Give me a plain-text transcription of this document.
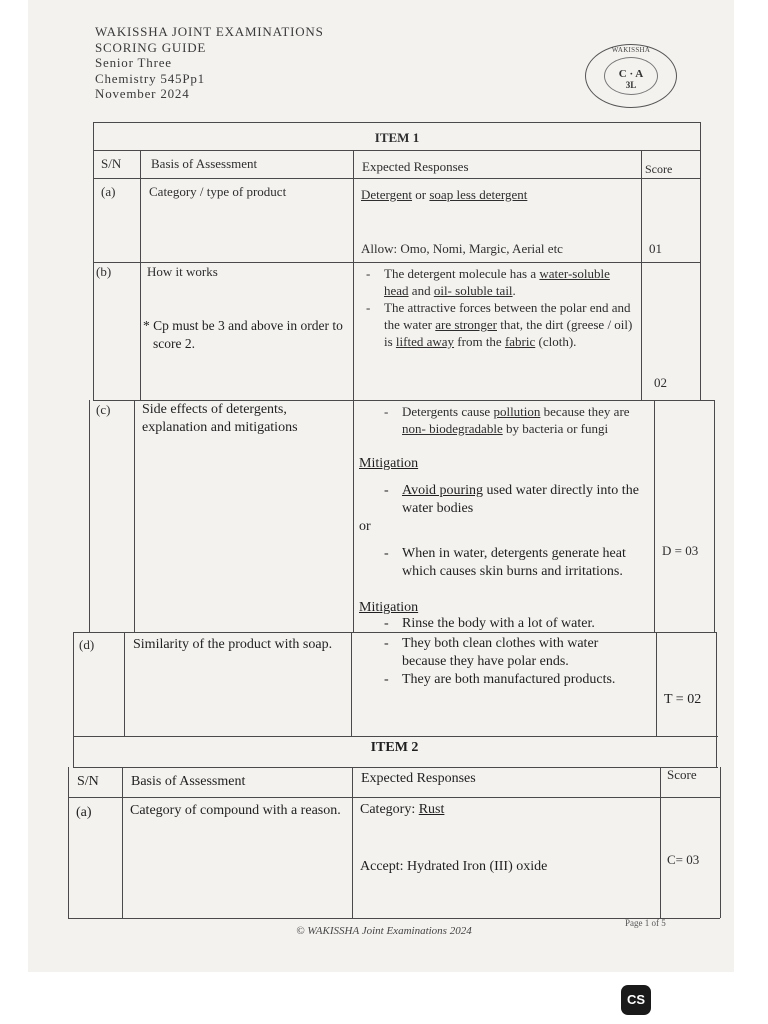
WAKISSHA JOINT EXAMINATIONS
SCORING GUIDE
Senior Three
Chemistry 545Pp1
November 2024
WAKISSHA
C · A
3L
ITEM 1
S/N Basis of Assessment	Expected Responses	Score
(a)	Category / type of product	Detergent or soap less detergent
Allow: Omo, Nomi, Margic, Aerial etc	01
(b)	How it works
* Cp must be 3 and above in order to score 2.
- The detergent molecule has a water-soluble head and oil- soluble tail.
- The attractive forces between the polar end and the water are stronger that, the dirt (greese / oil) is lifted away from the fabric (cloth).
02
(c) Side effects of detergents, explanation and mitigations
- Detergents cause pollution because they are non- biodegradable by bacteria or fungi
Mitigation
- Avoid pouring used water directly into the water bodies
or
- When in water, detergents generate heat which causes skin burns and irritations.
Mitigation
- Rinse the body with a lot of water.
D = 03
(d)	Similarity of the product with soap.
-	They both clean clothes with water because they have polar ends.
- They are both manufactured products.
T = 02
ITEM 2
S/N Basis of Assessment	Expected Responses	Score
(a)	Category of compound with a reason. Category: Rust
Accept: Hydrated Iron (III) oxide	C= 03
© WAKISSHA Joint Examinations 2024
Page 1 of 5
CS
